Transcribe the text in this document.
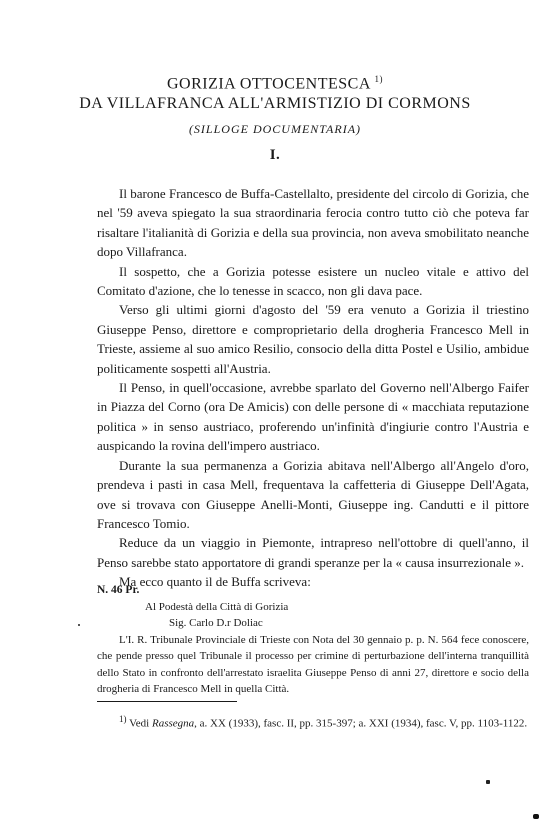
GORIZIA OTTOCENTESCA $^{1)}$
DA VILLAFRANCA ALL'ARMISTIZIO DI CORMONS
(SILLOGE DOCUMENTARIA)
I.

Il barone Francesco de Buffa-Castellalto, presidente del circolo di Gorizia, che nel '59 aveva spiegato la sua straordinaria ferocia contro tutto ciò che poteva far risaltare l'italianità di Gorizia e della sua provincia, non aveva smobilitato neanche dopo Villafranca.

Il sospetto, che a Gorizia potesse esistere un nucleo vitale e attivo del Comitato d'azione, che lo tenesse in scacco, non gli dava pace.

Verso gli ultimi giorni d'agosto del '59 era venuto a Gorizia il triestino Giuseppe Penso, direttore e comproprietario della drogheria Francesco Mell in Trieste, assieme al suo amico Resilio, consocio della ditta Postel e Usilio, ambidue politicamente sospetti all'Austria.

Il Penso, in quell'occasione, avrebbe sparlato del Governo nell'Albergo Faifer in Piazza del Corno (ora De Amicis) con delle persone di « macchiata reputazione politica » in senso austriaco, proferendo un'infinità d'ingiurie contro l'Austria e auspicando la rovina dell'impero austriaco.

Durante la sua permanenza a Gorizia abitava nell'Albergo all'Angelo d'oro, prendeva i pasti in casa Mell, frequentava la caffetteria di Giuseppe Dell'Agata, ove si trovava con Giuseppe Anelli-Monti, Giuseppe ing. Candutti e il pittore Francesco Tomio.

Reduce da un viaggio in Piemonte, intrapreso nell'ottobre di quell'anno, il Penso sarebbe stato apportatore di grandi speranze per la « causa insurrezionale ».

Ma ecco quanto il de Buffa scriveva:

N. 46 Pr.
Al Podestà della Città di Gorizia
Sig. Carlo D.r Doliac

L'I. R. Tribunale Provinciale di Trieste con Nota del 30 gennaio p. p. N. 564 fece conoscere, che pende presso quel Tribunale il processo per crimine di perturbazione dell'interna tranquillità dello Stato in confronto dell'arrestato israelita Giuseppe Penso di anni 27, direttore e socio della drogheria di Francesco Mell in quella Città.

$^{1)}$ Vedi Rassegna, a. XX (1933), fasc. II, pp. 315-397; a. XXI (1934), fasc. V, pp. 1103-1122.
